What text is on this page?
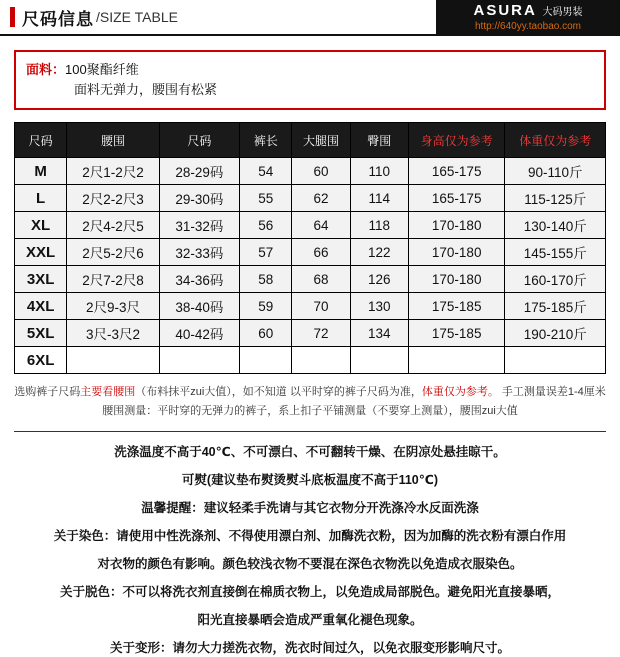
尺码信息 /SIZE TABLE	ASURA 大码男装
http://640yy.taobao.com
面料：100聚酯纤维
面料无弹力，腰围有松紧
尺码	腰围	尺码	裤长	大腿围	臀围	身高仅为参考	体重仅为参考
M	2尺1-2尺2	28-29码	54	60	110	165-175	90-110斤
L	2尺2-2尺3	29-30码	55	62	114	165-175	115-125斤
XL	2尺4-2尺5	31-32码	56	64	118	170-180	130-140斤
XXL	2尺5-2尺6	32-33码	57	66	122	170-180	145-155斤
3XL	2尺7-2尺8	34-36码	58	68	126	170-180	160-170斤
4XL	2尺9-3尺	38-40码	59	70	130	175-185	175-185斤
5XL	3尺-3尺2	40-42码	60	72	134	175-185	190-210斤
6XL							
选购裤子尺码主要看腰围（布料抹平zui大值），如不知道 以平时穿的裤子尺码为准，体重仅为参考。 手工测量误差1-4厘米
腰围测量：平时穿的无弹力的裤子，系上扣子平铺测量（不要穿上测量），腰围zui大值

洗涤温度不高于40℃、不可漂白、不可翻转干燥、在阴凉处悬挂晾干。

可熨(建议垫布熨烫熨斗底板温度不高于110℃)

温馨提醒：建议轻柔手洗请与其它衣物分开洗涤冷水反面洗涤

关于染色：请使用中性洗涤剂、不得使用漂白剂、加酶洗衣粉，因为加酶的洗衣粉有漂白作用

对衣物的颜色有影响。颜色较浅衣物不要混在深色衣物洗以免造成衣服染色。

关于脱色：不可以将洗衣剂直接倒在棉质衣物上，以免造成局部脱色。避免阳光直接暴晒，

阳光直接暴晒会造成严重氧化褪色现象。

关于变形：请勿大力搓洗衣物，洗衣时间过久，以免衣服变形影响尺寸。
